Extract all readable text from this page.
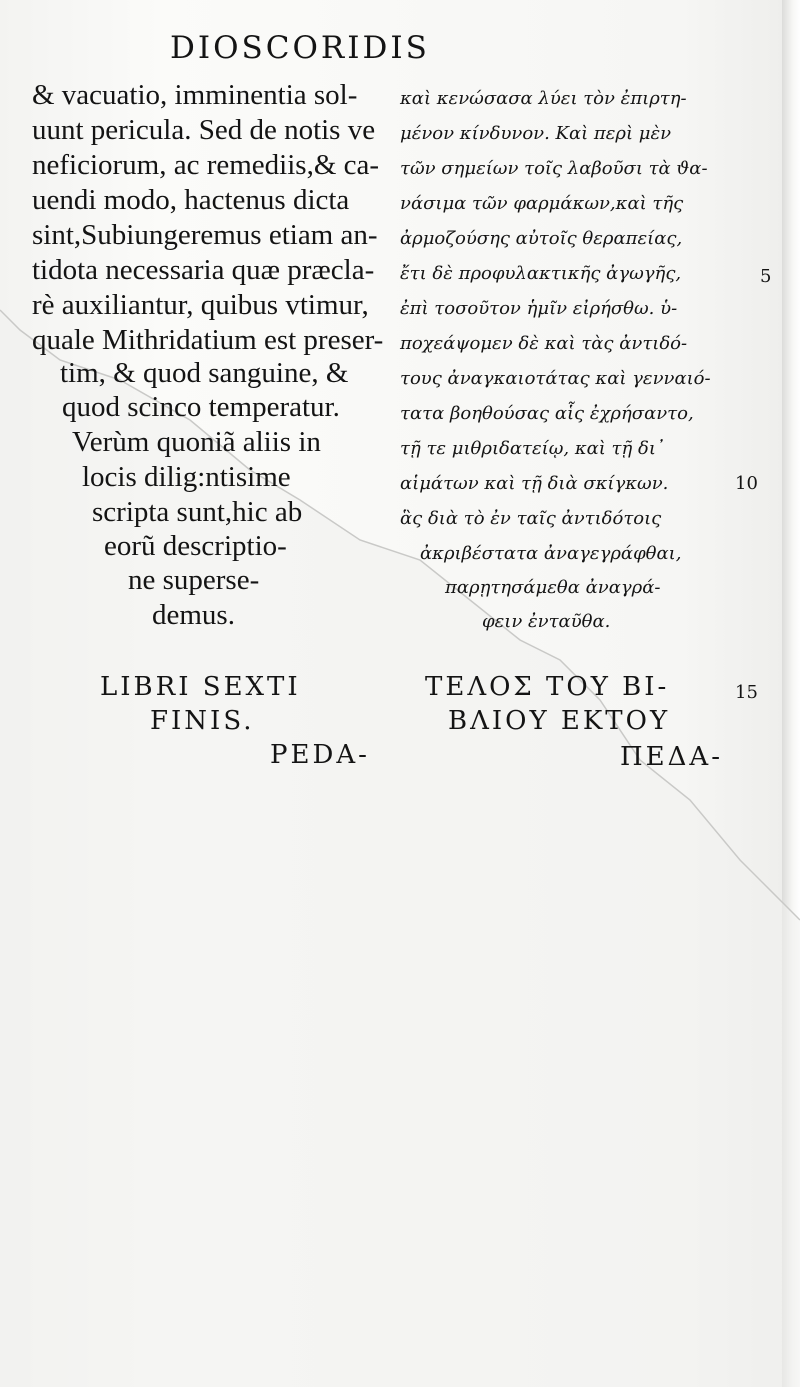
DIOSCORIDIS
& vacuatio, imminentia sol-
uunt pericula. Sed de notis ve
neficiorum, ac remediis,& ca-
uendi modo, hactenus dicta
sint,Subiungeremus etiam an-
tidota necessaria quæ præcla-
rè auxiliantur, quibus vtimur,
quale Mithridatium est preser-
tim, & quod sanguine, &
quod scinco temperatur.
Verùm quoniã aliis in
locis dilig:ntisime
scripta sunt,hic ab
eorũ descriptio-
ne superse-
demus.
καὶ κενώσασα λύει τὸν ἐπιρτη-
μένον κίνδυνον. Καὶ περὶ μὲν
τῶν σημείων τοῖς λαβοῦσι τὰ ϑα-
νάσιμα τῶν φαρμάκων,καὶ τῆς
ἀρμοζούσης αὐτοῖς θεραπείας,
ἔτι δὲ προφυλακτικῆς ἀγωγῆς,
ἐπὶ τοσοῦτον ἡμῖν εἰρήσθω. ὑ-
ποχεάψομεν δὲ καὶ τὰς ἀντιδό-
τους ἀναγκαιοτάτας καὶ γενναιό-
τατα βοηθούσας αἷς ἐχρήσαντο,
τῇ τε μιθριδατείῳ, καὶ τῇ δι᾽
αἱμάτων καὶ τῇ διὰ σκίγκων.
ἃς διὰ τὸ ἐν ταῖς ἀντιδότοις
ἀκριβέστατα ἀναγεγράφθαι,
παρῃτησάμεθα ἀναγρά-
φειν ἐνταῦθα.
5
10
15
LIBRI SEXTI
FINIS.
ΤΕΛΟΣ ΤΟΥ ΒΙ-
ΒΛΙΟΥ ΕΚΤΟΥ
PEDA-	ΠΕΔΑ-
